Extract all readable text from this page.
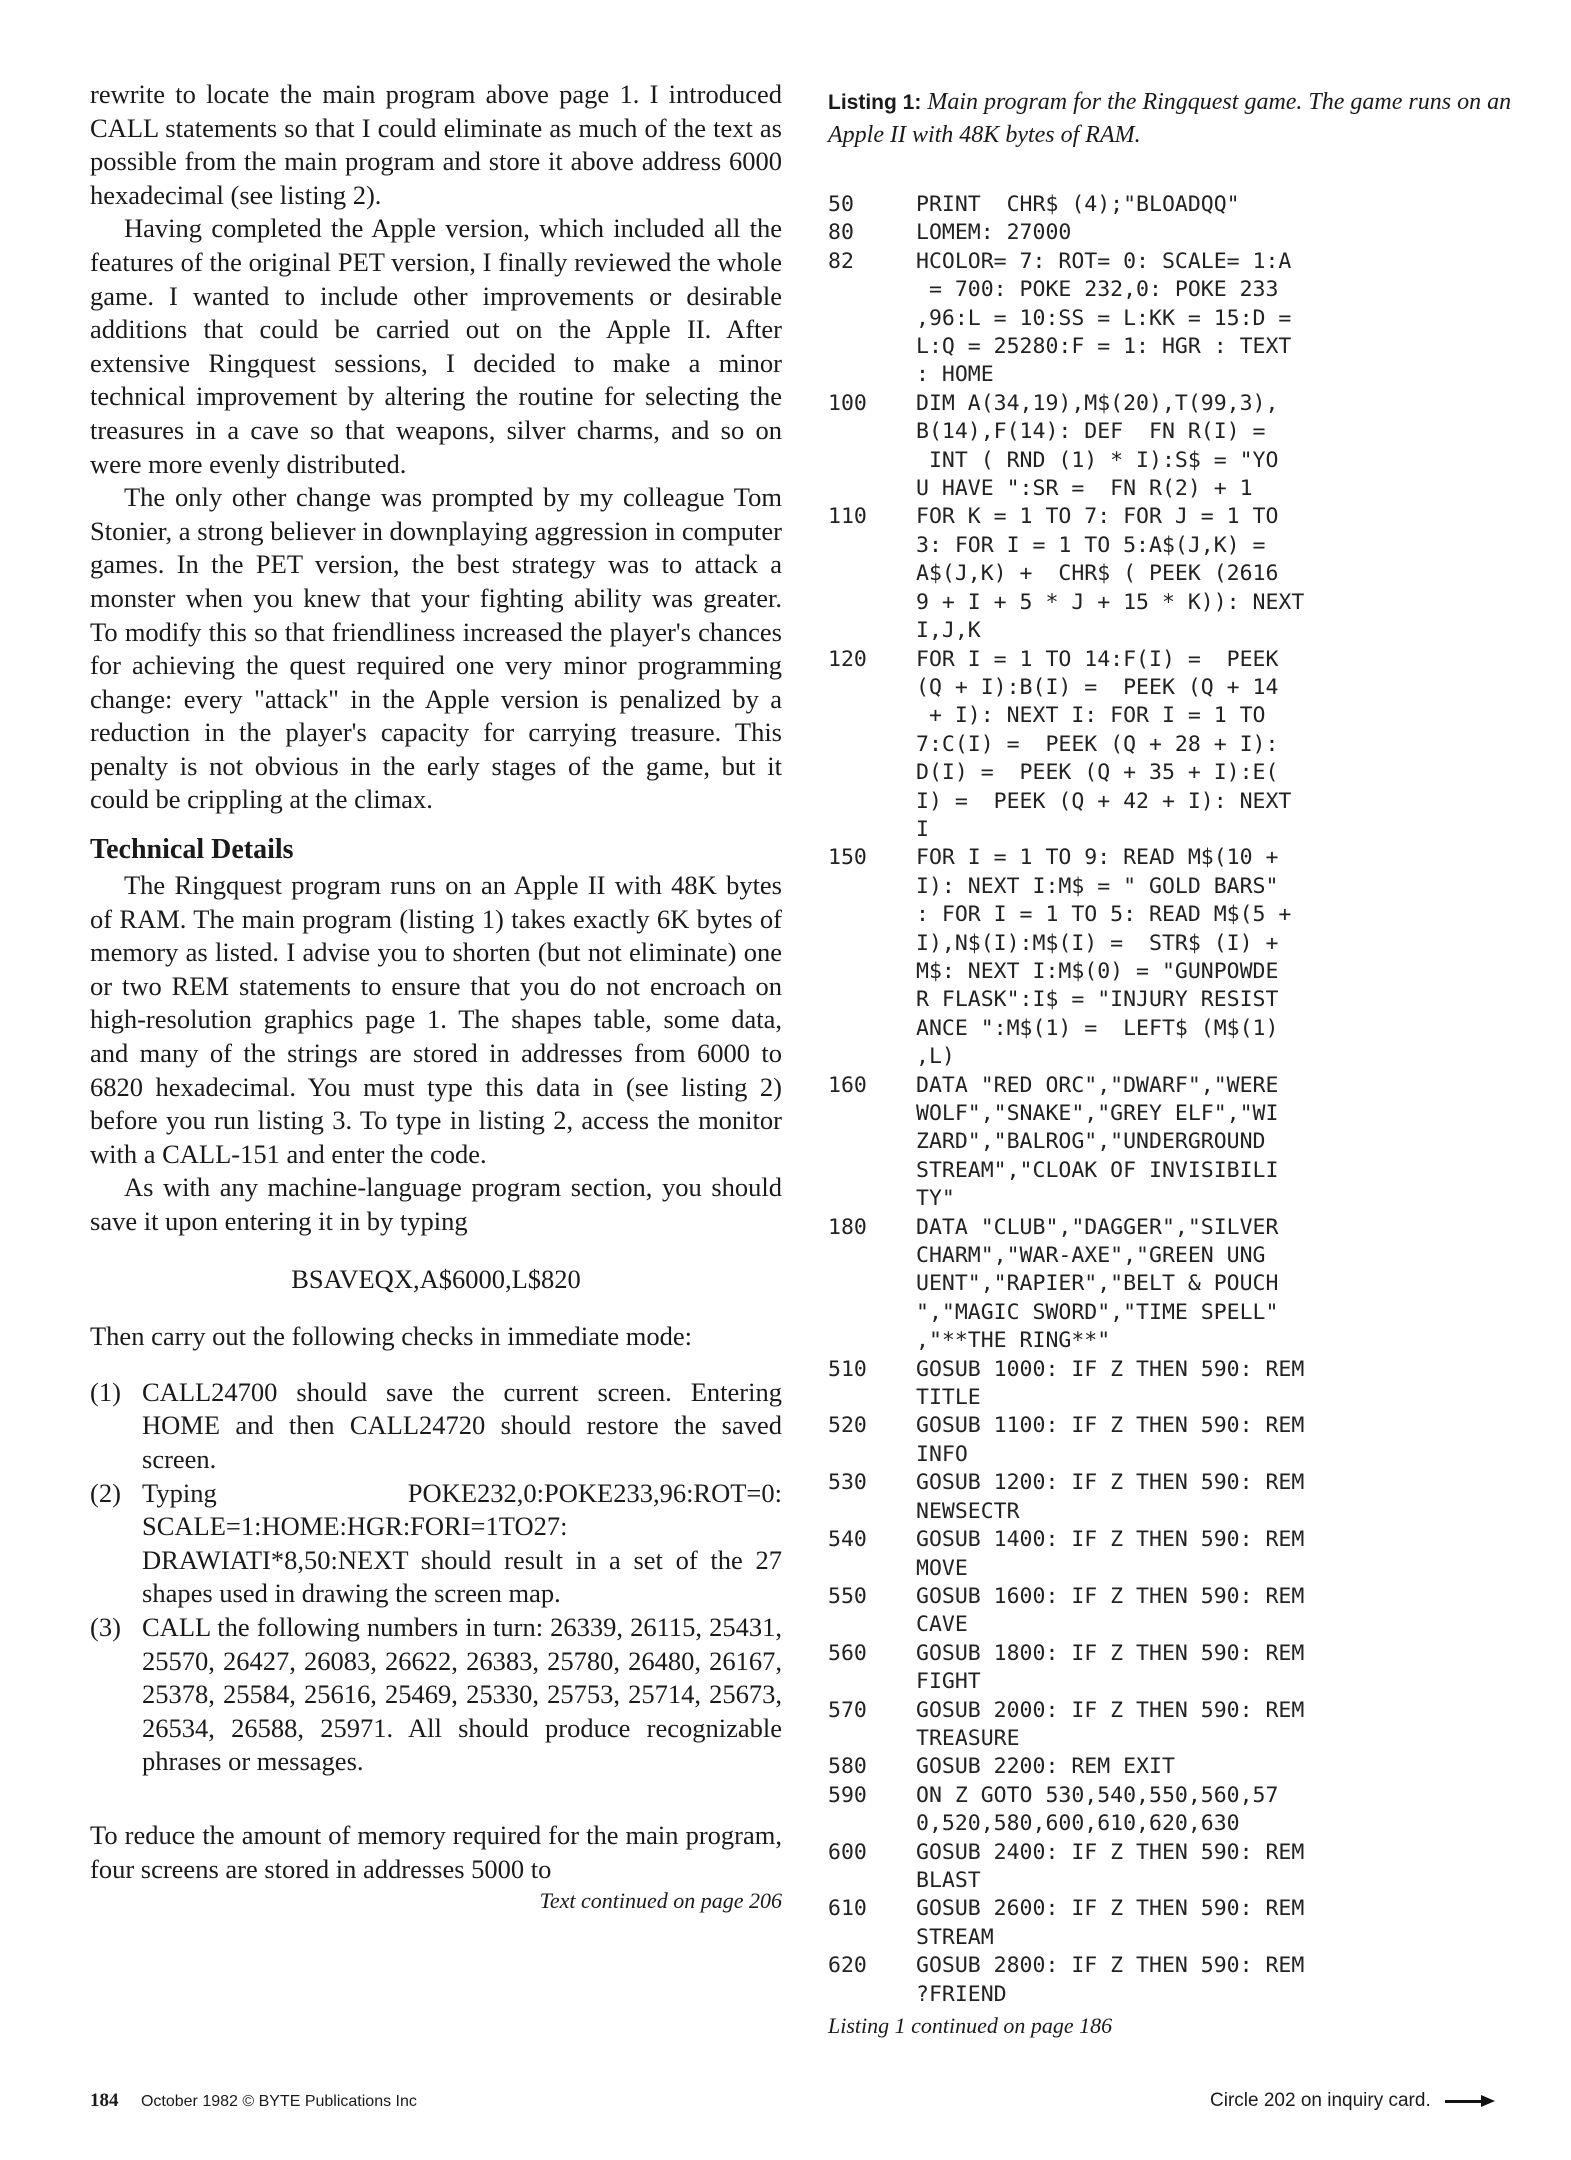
rewrite to locate the main program above page 1. I introduced CALL statements so that I could eliminate as much of the text as possible from the main program and store it above address 6000 hexadecimal (see listing 2).

Having completed the Apple version, which included all the features of the original PET version, I finally reviewed the whole game. I wanted to include other improvements or desirable additions that could be carried out on the Apple II. After extensive Ringquest sessions, I decided to make a minor technical improvement by altering the routine for selecting the treasures in a cave so that weapons, silver charms, and so on were more evenly distributed.

The only other change was prompted by my colleague Tom Stonier, a strong believer in downplaying aggression in computer games. In the PET version, the best strategy was to attack a monster when you knew that your fighting ability was greater. To modify this so that friendliness increased the player's chances for achieving the quest required one very minor programming change: every "attack" in the Apple version is penalized by a reduction in the player's capacity for carrying treasure. This penalty is not obvious in the early stages of the game, but it could be crippling at the climax.

Technical Details

The Ringquest program runs on an Apple II with 48K bytes of RAM. The main program (listing 1) takes exactly 6K bytes of memory as listed. I advise you to shorten (but not eliminate) one or two REM statements to ensure that you do not encroach on high-resolution graphics page 1. The shapes table, some data, and many of the strings are stored in addresses from 6000 to 6820 hexadecimal. You must type this data in (see listing 2) before you run listing 3. To type in listing 2, access the monitor with a CALL-151 and enter the code.

As with any machine-language program section, you should save it upon entering it in by typing

BSAVEQX,A$6000,L$820

Then carry out the following checks in immediate mode:

(1) CALL24700 should save the current screen. Entering HOME and then CALL24720 should restore the saved screen.
(2) Typing POKE232,0:POKE233,96:ROT=0: SCALE=1:HOME:HGR:FORI=1TO27: DRAWIATI*8,50:NEXT should result in a set of the 27 shapes used in drawing the screen map.
(3) CALL the following numbers in turn: 26339, 26115, 25431, 25570, 26427, 26083, 26622, 26383, 25780, 26480, 26167, 25378, 25584, 25616, 25469, 25330, 25753, 25714, 25673, 26534, 26588, 25971. All should produce recognizable phrases or messages.

To reduce the amount of memory required for the main program, four screens are stored in addresses 5000 to

Text continued on page 206

Listing 1: Main program for the Ringquest game. The game runs on an Apple II with 48K bytes of RAM.

50	PRINT  CHR$ (4);"BLOADQQ"
80	LOMEM: 27000
82	HCOLOR= 7: ROT= 0: SCALE= 1:A
= 700: POKE 232,0: POKE 233
,96:L = 10:SS = L:KK = 15:D =
L:Q = 25280:F = 1: HGR : TEXT
: HOME
100	DIM A(34,19),M$(20),T(99,3),
B(14),F(14): DEF  FN R(I) =
INT ( RND (1) * I):S$ = "YO
U HAVE ":SR =  FN R(2) + 1
110	FOR K = 1 TO 7: FOR J = 1 TO
3: FOR I = 1 TO 5:A$(J,K) =
A$(J,K) +  CHR$ ( PEEK (2616
9 + I + 5 * J + 15 * K)): NEXT
I,J,K
120	FOR I = 1 TO 14:F(I) =  PEEK
(Q + I):B(I) =  PEEK (Q + 14
+ I): NEXT I: FOR I = 1 TO
7:C(I) =  PEEK (Q + 28 + I):
D(I) =  PEEK (Q + 35 + I):E(
I) =  PEEK (Q + 42 + I): NEXT
I
150	FOR I = 1 TO 9: READ M$(10 +
I): NEXT I:M$ = " GOLD BARS"
: FOR I = 1 TO 5: READ M$(5 +
I),N$(I):M$(I) =  STR$ (I) +
M$: NEXT I:M$(0) = "GUNPOWDE
R FLASK":I$ = "INJURY RESIST
ANCE ":M$(1) =  LEFT$ (M$(1)
,L)
160	DATA "RED ORC","DWARF","WERE
WOLF","SNAKE","GREY ELF","WI
ZARD","BALROG","UNDERGROUND
STREAM","CLOAK OF INVISIBILI
TY"
180	DATA "CLUB","DAGGER","SILVER
CHARM","WAR-AXE","GREEN UNG
UENT","RAPIER","BELT & POUCH
","MAGIC SWORD","TIME SPELL"
,"**THE RING**"
510	GOSUB 1000: IF Z THEN 590: REM
TITLE
520	GOSUB 1100: IF Z THEN 590: REM
INFO
530	GOSUB 1200: IF Z THEN 590: REM
NEWSECTR
540	GOSUB 1400: IF Z THEN 590: REM
MOVE
550	GOSUB 1600: IF Z THEN 590: REM
CAVE
560	GOSUB 1800: IF Z THEN 590: REM
FIGHT
570	GOSUB 2000: IF Z THEN 590: REM
TREASURE
580	GOSUB 2200: REM EXIT
590	ON Z GOTO 530,540,550,560,57
0,520,580,600,610,620,630
600	GOSUB 2400: IF Z THEN 590: REM
BLAST
610	GOSUB 2600: IF Z THEN 590: REM
STREAM
620	GOSUB 2800: IF Z THEN 590: REM
?FRIEND
Listing 1 continued on page 186
184 October 1982 © BYTE Publications Inc	Circle 202 on inquiry card.
